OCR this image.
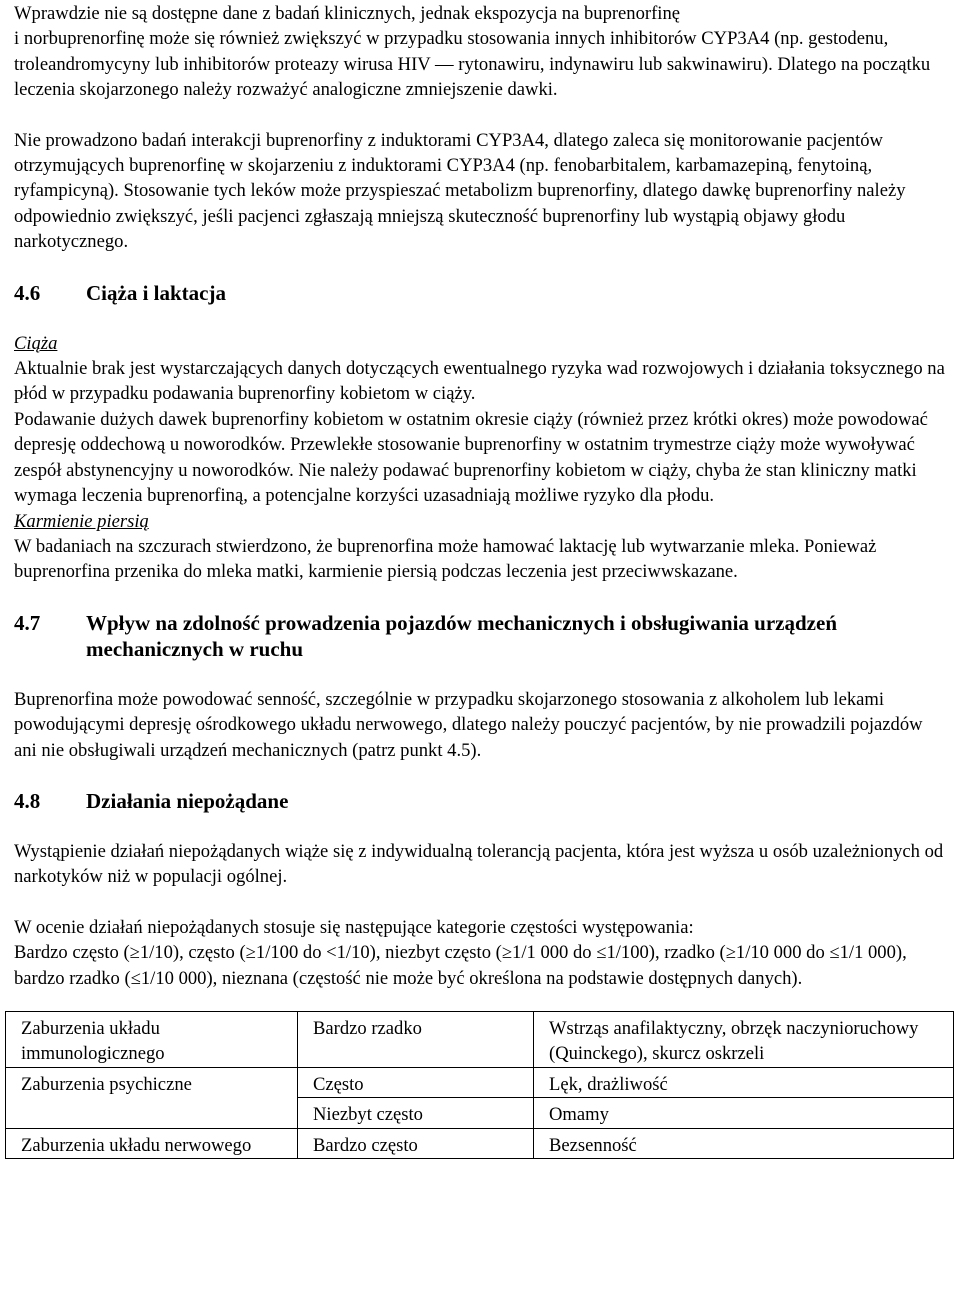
Wprawdzie nie są dostępne dane z badań klinicznych, jednak ekspozycja na buprenorfinę

i norbuprenorfinę może się również zwiększyć w przypadku stosowania innych inhibitorów CYP3A4 (np. gestodenu, troleandromycyny lub inhibitorów proteazy wirusa HIV — rytonawiru, indynawiru lub sakwinawiru). Dlatego na początku leczenia skojarzonego należy rozważyć analogiczne zmniejszenie dawki.

Nie prowadzono badań interakcji buprenorfiny z induktorami CYP3A4, dlatego zaleca się monitorowanie pacjentów otrzymujących buprenorfinę w skojarzeniu z induktorami CYP3A4 (np. fenobarbitalem, karbamazepiną, fenytoiną, ryfampicyną). Stosowanie tych leków może przyspieszać metabolizm buprenorfiny, dlatego dawkę buprenorfiny należy odpowiednio zwiększyć, jeśli pacjenci zgłaszają mniejszą skuteczność buprenorfiny lub wystąpią objawy głodu narkotycznego.

4.6	Ciąża i laktacja

Ciąża

Aktualnie brak jest wystarczających danych dotyczących ewentualnego ryzyka wad rozwojowych i działania toksycznego na płód w przypadku podawania buprenorfiny kobietom w ciąży.

Podawanie dużych dawek buprenorfiny kobietom w ostatnim okresie ciąży (również przez krótki okres) może powodować depresję oddechową u noworodków. Przewlekłe stosowanie buprenorfiny w ostatnim trymestrze ciąży może wywoływać zespół abstynencyjny u noworodków. Nie należy podawać buprenorfiny kobietom w ciąży, chyba że stan kliniczny matki wymaga leczenia buprenorfiną, a potencjalne korzyści uzasadniają możliwe ryzyko dla płodu.

Karmienie piersią

W badaniach na szczurach stwierdzono, że buprenorfina może hamować laktację lub wytwarzanie mleka. Ponieważ buprenorfina przenika do mleka matki, karmienie piersią podczas leczenia jest przeciwwskazane.

4.7	Wpływ na zdolność prowadzenia pojazdów mechanicznych i obsługiwania urządzeń mechanicznych w ruchu

Buprenorfina może powodować senność, szczególnie w przypadku skojarzonego stosowania z alkoholem lub lekami powodującymi depresję ośrodkowego układu nerwowego, dlatego należy pouczyć pacjentów, by nie prowadzili pojazdów ani nie obsługiwali urządzeń mechanicznych (patrz punkt 4.5).

4.8	Działania niepożądane

Wystąpienie działań niepożądanych wiąże się z indywidualną tolerancją pacjenta, która jest wyższa u osób uzależnionych od narkotyków niż w populacji ogólnej.

W ocenie działań niepożądanych stosuje się następujące kategorie częstości występowania:

Bardzo często (≥1/10), często (≥1/100 do <1/10), niezbyt często (≥1/1 000 do ≤1/100), rzadko (≥1/10 000 do ≤1/1 000), bardzo rzadko (≤1/10 000), nieznana (częstość nie może być określona na podstawie dostępnych danych).

Zaburzenia układu immunologicznego	Bardzo rzadko	Wstrząs anafilaktyczny, obrzęk naczynioruchowy (Quinckego), skurcz oskrzeli
Zaburzenia psychiczne	Często	Lęk, drażliwość
	Niezbyt często	Omamy
Zaburzenia układu nerwowego	Bardzo często	Bezsenność
